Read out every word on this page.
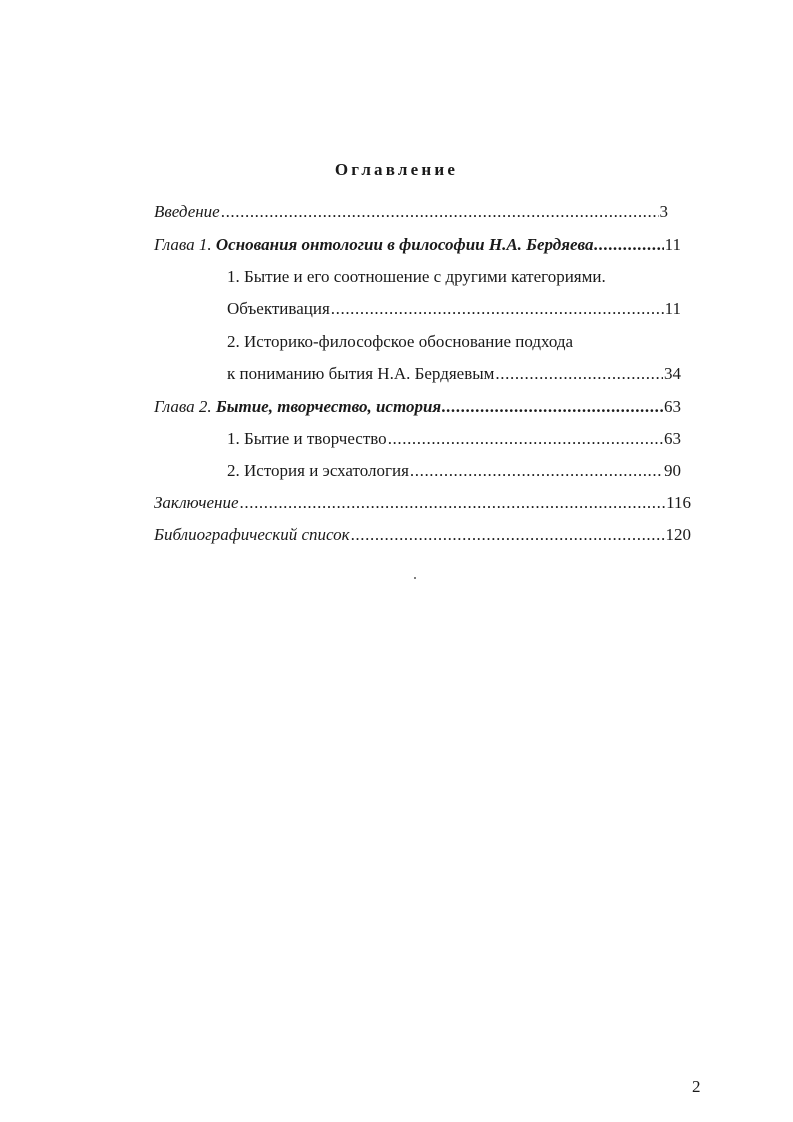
Оглавление
Введение .....	3
Глава 1. Основания онтологии в философии Н.А. Бердяева .....	11
1. Бытие и его соотношение с другими категориями.
Объективация .....	11
2. Историко-философское обоснование подхода
к пониманию бытия Н.А. Бердяевым .....	34
Глава 2. Бытие, творчество, история .....	63
1. Бытие и творчество .....	63
2. История и эсхатология .....	90
Заключение .....	116
Библиографический список .....	120
2
